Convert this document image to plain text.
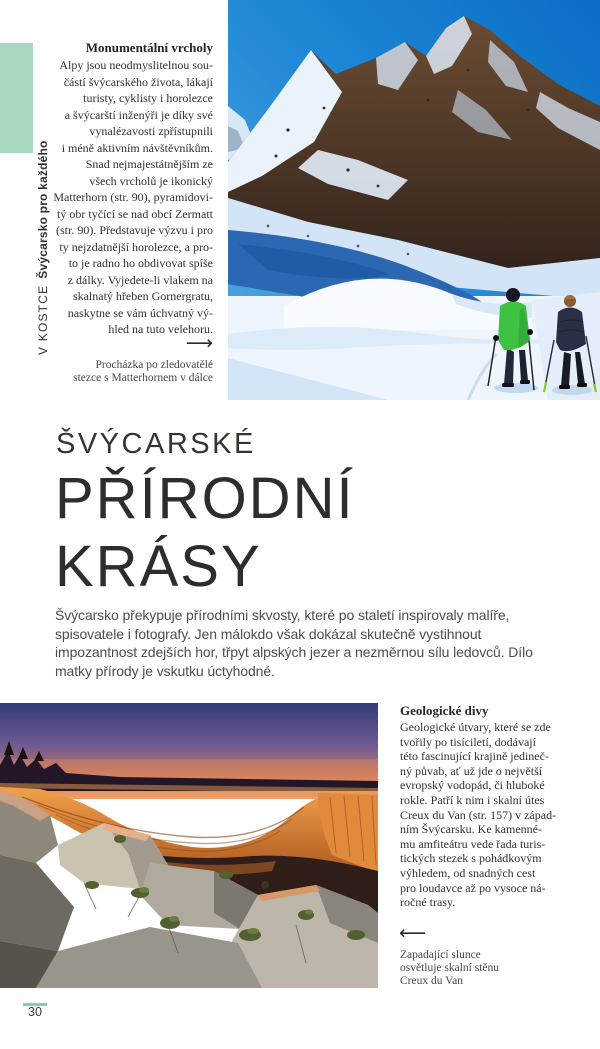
V KOSTCEŠvýcarsko pro každého
Monumentální vrcholy
Alpy jsou neodmyslitelnou sou-
částí švýcarského života, lákají
turisty, cyklisty i horolezce
a švýcarští inženýři je díky své
vynalézavosti zpřístupnili
i méně aktivním návštěvníkům.
Snad nejmajestátnějším ze
všech vrcholů je ikonický
Matterhorn (str. 90), pyramidovi-
tý obr tyčící se nad obcí Zermatt
(str. 90). Představuje výzvu i pro
ty nejzdatnější horolezce, a pro-
to je radno ho obdivovat spíše
z dálky. Vyjedete-li vlakem na
skalnatý hřeben Gornergratu,
naskytne se vám úchvatný vý-
hled na tuto velehoru.
⟶
Procházka po zledovatělé
stezce s Matterhornem v dálce
ŠVÝCARSKÉ
PŘÍRODNÍ
KRÁSY
Švýcarsko překypuje přírodními skvosty, které po staletí inspirovaly malíře,
spisovatele i fotografy. Jen málokdo však dokázal skutečně vystihnout
impozantnost zdejších hor, třpyt alpských jezer a nezměrnou sílu ledovců. Dílo
matky přírody je vskutku úctyhodné.
Geologické divy
Geologické útvary, které se zde
tvořily po tisíciletí, dodávají
této fascinující krajině jedineč-
ný půvab, ať už jde o největší
evropský vodopád, či hluboké
rokle. Patří k nim i skalní útes
Creux du Van (str. 157) v západ-
ním Švýcarsku. Ke kamenné-
mu amfiteátru vede řada turis-
tických stezek s pohádkovým
výhledem, od snadných cest
pro loudavce až po vysoce ná-
ročné trasy.
⟵
Zapadající slunce
osvětluje skalní stěnu
Creux du Van
30
